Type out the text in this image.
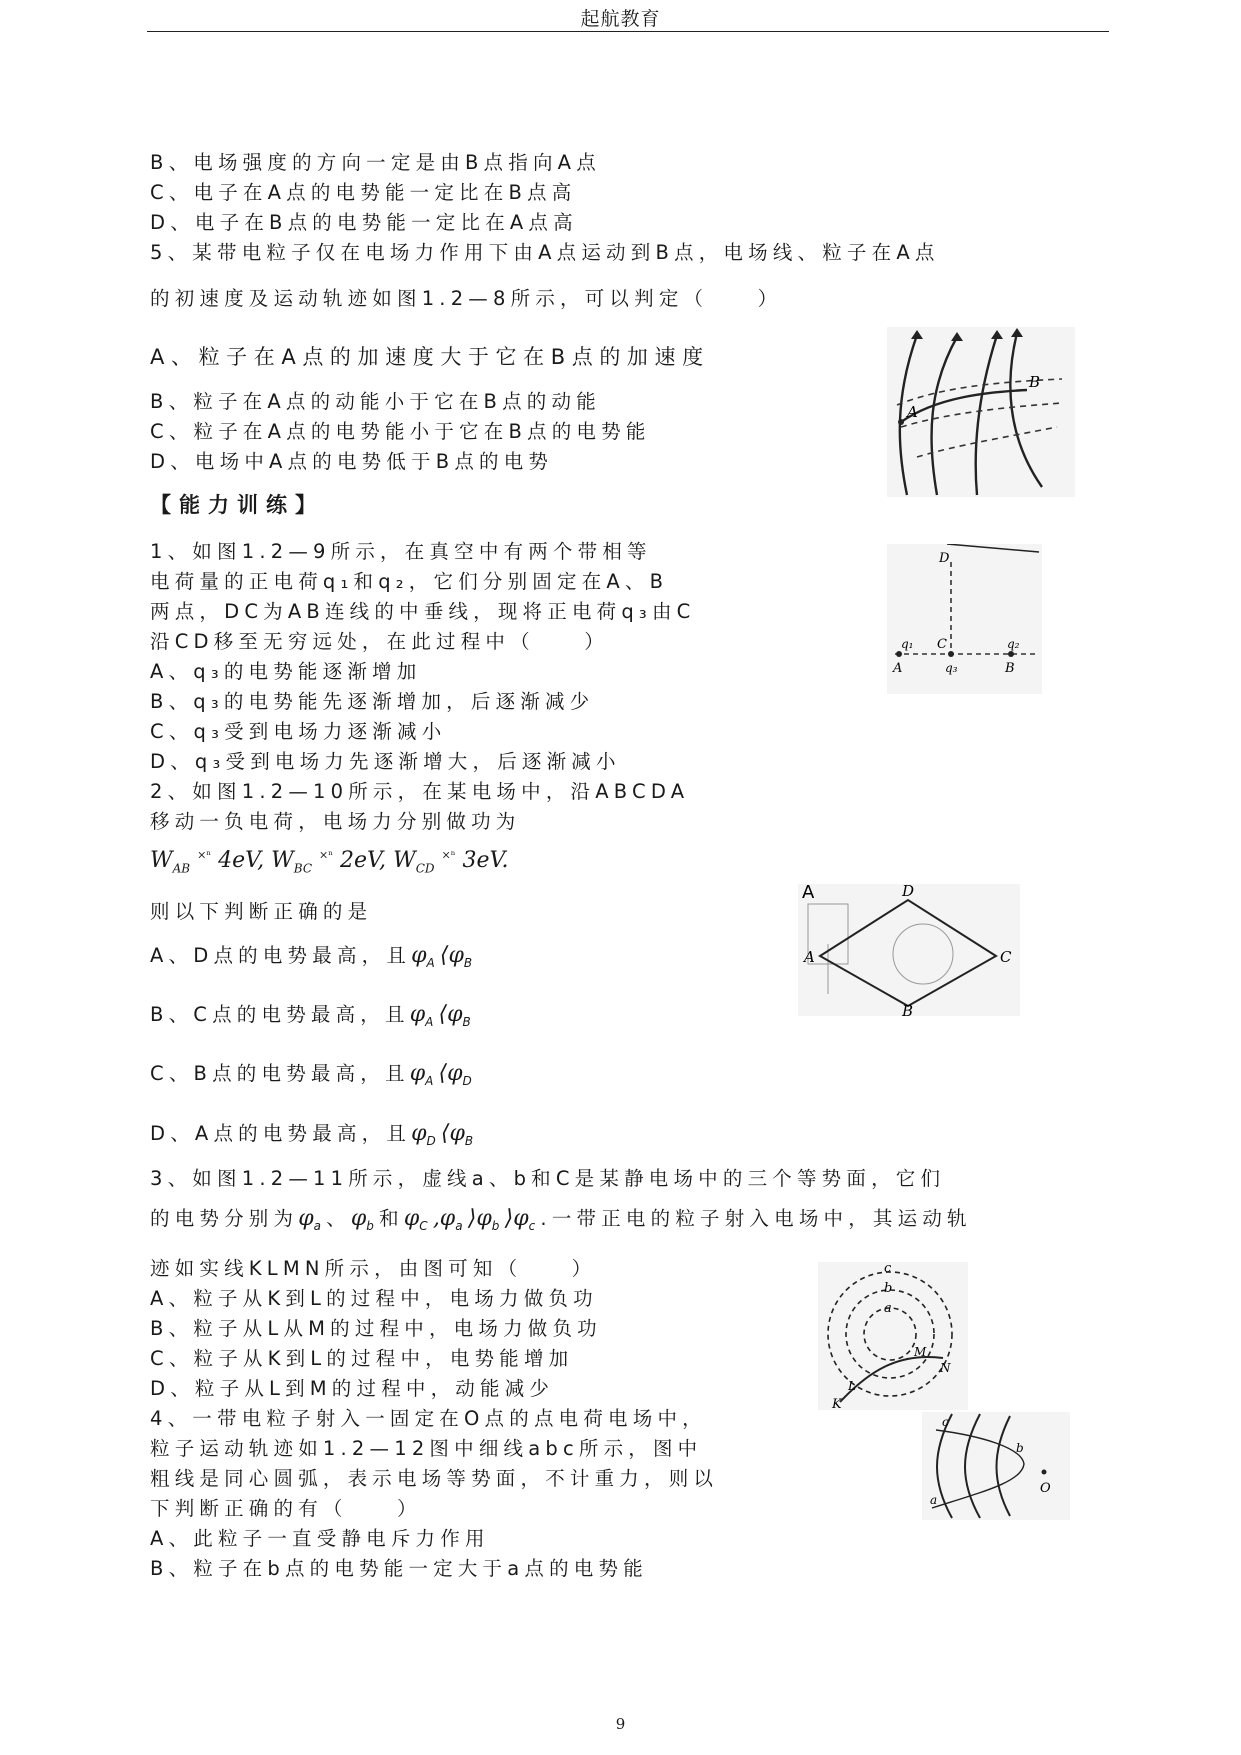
起航教育
B、电场强度的方向一定是由B点指向A点
C、电子在A点的电势能一定比在B点高
D、电子在B点的电势能一定比在A点高
5、某带电粒子仅在电场力作用下由A点运动到B点，电场线、粒子在A点
的初速度及运动轨迹如图1.2—8所示，可以判定（　　）
A、粒子在A点的加速度大于它在B点的加速度
B、粒子在A点的动能小于它在B点的动能
C、粒子在A点的电势能小于它在B点的电势能
D、电场中A点的电势低于B点的电势
【能力训练】
1、如图1.2—9所示，在真空中有两个带相等
电荷量的正电荷q₁和q₂，它们分别固定在A、B
两点，DC为AB连线的中垂线，现将正电荷q₃由C
沿CD移至无穷远处，在此过程中（　　）
A、q₃的电势能逐渐增加
B、q₃的电势能先逐渐增加，后逐渐减少
C、q₃受到电场力逐渐减小
D、q₃受到电场力先逐渐增大，后逐渐减小
2、如图1.2—10所示，在某电场中，沿ABCDA
移动一负电荷，电场力分别做功为
$W_{AB}$ $^{\times^n}$ 4eV, $W_{BC}$ $^{\times^n}$ 2eV, $W_{CD}$ $^{\times^n}$ 3eV.
则以下判断正确的是
A、D点的电势最高，且$\varphi_A⟨\varphi_B$
B、C点的电势最高，且$\varphi_A⟨\varphi_B$
C、B点的电势最高，且$\varphi_A⟨\varphi_D$
D、A点的电势最高，且$\varphi_D⟨\varphi_B$
3、如图1.2—11所示，虚线a、b和C是某静电场中的三个等势面，它们
的电势分别为$\varphi_a$、$\varphi_b$和$\varphi_C,\varphi_a⟩\varphi_b⟩\varphi_c$.一带正电的粒子射入电场中，其运动轨
迹如实线KLMN所示，由图可知（　　）
A、粒子从K到L的过程中，电场力做负功
B、粒子从L从M的过程中，电场力做负功
C、粒子从K到L的过程中，电势能增加
D、粒子从L到M的过程中，动能减少
4、一带电粒子射入一固定在O点的点电荷电场中，
粒子运动轨迹如1.2—12图中细线abc所示，图中
粗线是同心圆弧，表示电场等势面，不计重力，则以
下判断正确的有（　　）
A、此粒子一直受静电斥力作用
B、粒子在b点的电势能一定大于a点的电势能
A
B
D
q₁ C	q₂
A	q₃	B
A	D
A	C
B
c
b
a
M
N
L
K
c
b
O
a
9
